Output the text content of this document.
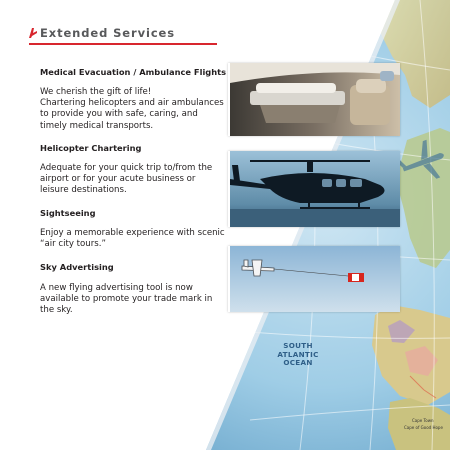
SOUTH
ATLANTIC
OCEAN
Cape Town
Cape of Good Hope
Extended Services
Medical Evacuation / Ambulance Flights

We cherish the gift of life!

Chartering helicopters and air ambulances

to provide you with safe, caring, and

timely medical transports.

Helicopter Chartering

Adequate for your quick trip to/from the

airport or for your acute business or

leisure destinations.

Sightseeing

Enjoy a memorable experience with scenic

“air city tours.”

Sky Advertising

A new flying advertising tool is now

available to promote your trade mark in

the sky.
